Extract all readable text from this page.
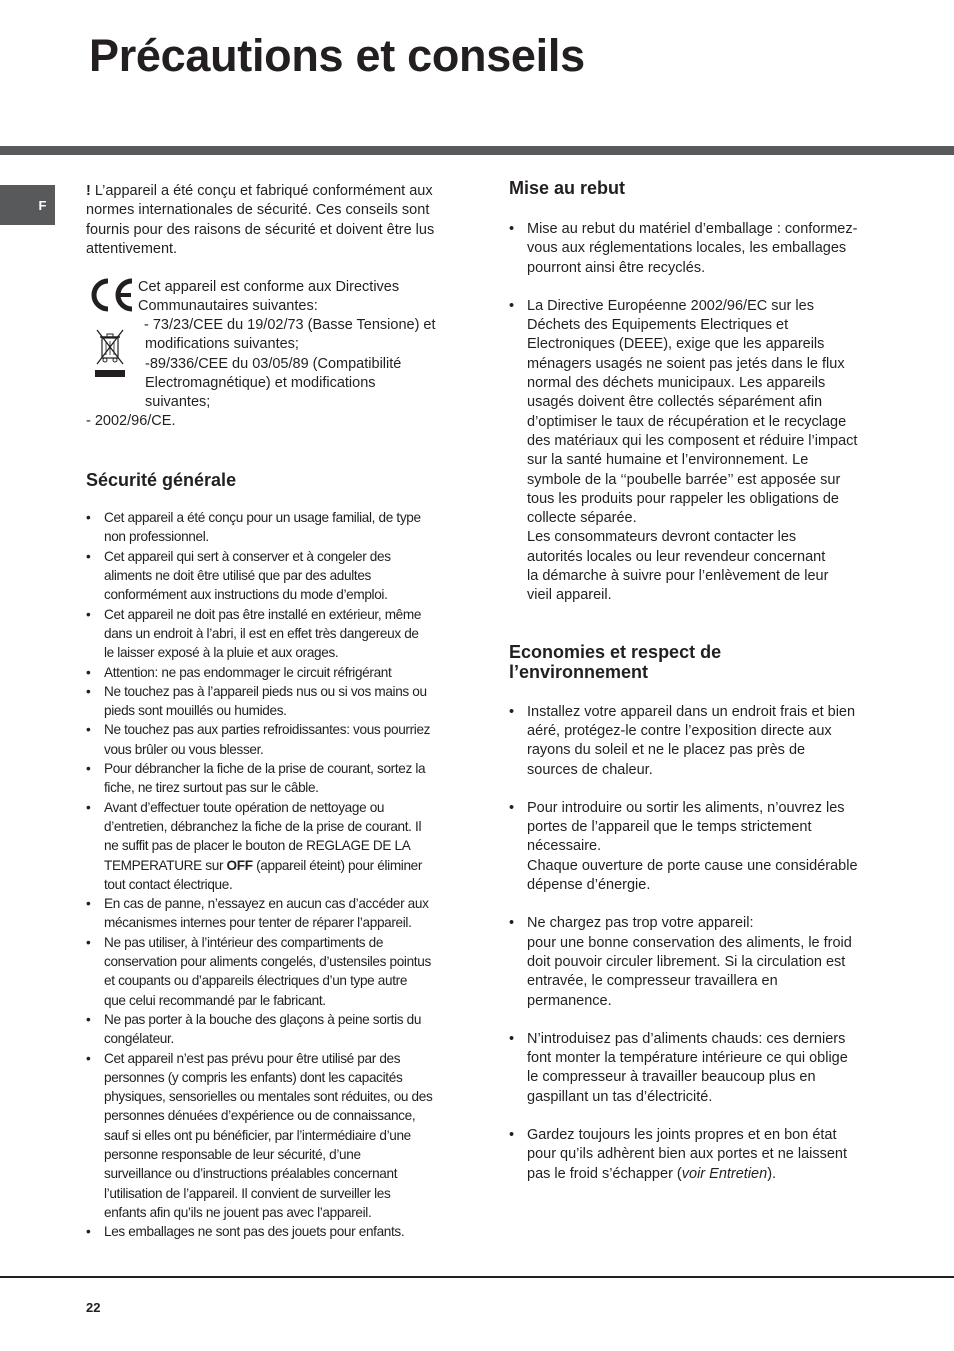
Précautions et conseils
F

! L’appareil a été conçu et fabriqué conformément aux
normes internationales de sécurité. Ces conseils sont
fournis pour des raisons de sécurité et doivent être lus
attentivement.

Cet appareil est conforme aux Directives
Communautaires suivantes:
- 73/23/CEE du 19/02/73 (Basse Tensione) et
modifications suivantes;
-89/336/CEE du 03/05/89 (Compatibilité
Electromagnétique) et modifications
suivantes;
- 2002/96/CE.
Sécurité générale
• Cet appareil a été conçu pour un usage familial, de type
non professionnel.
• Cet appareil qui sert à conserver et à congeler des
aliments ne doit être utilisé que par des adultes
conformément aux instructions du mode d’emploi.
• Cet appareil ne doit pas être installé en extérieur, même
dans un endroit à l’abri, il est en effet très dangereux de
le laisser exposé à la pluie et aux orages.
• Attention: ne pas endommager le circuit réfrigérant
• Ne touchez pas à l’appareil pieds nus ou si vos mains ou
pieds sont mouillés ou humides.
• Ne touchez pas aux parties refroidissantes: vous pourriez
vous brûler ou vous blesser.
• Pour débrancher la fiche de la prise de courant, sortez la
fiche, ne tirez surtout pas sur le câble.
• Avant d’effectuer toute opération de nettoyage ou
d’entretien, débranchez la fiche de la prise de courant. Il
ne suffit pas de placer le bouton de REGLAGE DE LA
TEMPERATURE sur OFF (appareil éteint) pour éliminer
tout contact électrique.
• En cas de panne, n’essayez en aucun cas d’accéder aux
mécanismes internes pour tenter de réparer l’appareil.
• Ne pas utiliser, à l’intérieur des compartiments de
conservation pour aliments congelés, d’ustensiles pointus
et coupants ou d’appareils électriques d’un type autre
que celui recommandé par le fabricant.
• Ne pas porter à la bouche des glaçons à peine sortis du
congélateur.
• Cet appareil n’est pas prévu pour être utilisé par des
personnes (y compris les enfants) dont les capacités
physiques, sensorielles ou mentales sont réduites, ou des
personnes dénuées d’expérience ou de connaissance,
sauf si elles ont pu bénéficier, par l’intermédiaire d’une
personne responsable de leur sécurité, d’une
surveillance ou d’instructions préalables concernant
l’utilisation de l’appareil. Il convient de surveiller les
enfants afin qu’ils ne jouent pas avec l’appareil.
• Les emballages ne sont pas des jouets pour enfants.
Mise au rebut
• Mise au rebut du matériel d’emballage : conformez-
vous aux réglementations locales, les emballages
pourront ainsi être recyclés.
• La Directive Européenne 2002/96/EC sur les
Déchets des Equipements Electriques et
Electroniques (DEEE), exige que les appareils
ménagers usagés ne soient pas jetés dans le flux
normal des déchets municipaux. Les appareils
usagés doivent être collectés séparément afin
d’optimiser le taux de récupération et le recyclage
des matériaux qui les composent et réduire l’impact
sur la santé humaine et l’environnement. Le
symbole de la ‘‘poubelle barrée’’ est apposée sur
tous les produits pour rappeler les obligations de
collecte séparée.
Les consommateurs devront contacter les
autorités locales ou leur revendeur concernant
la démarche à suivre pour l’enlèvement de leur
vieil appareil.
Economies et respect de
l’environnement
• Installez votre appareil dans un endroit frais et bien
aéré, protégez-le contre l’exposition directe aux
rayons du soleil et ne le placez pas près de
sources de chaleur.
• Pour introduire ou sortir les aliments, n’ouvrez les
portes de l’appareil que le temps strictement
nécessaire.
Chaque ouverture de porte cause une considérable
dépense d’énergie.
• Ne chargez pas trop votre appareil:
pour une bonne conservation des aliments, le froid
doit pouvoir circuler librement. Si la circulation est
entravée, le compresseur travaillera en
permanence.
• N’introduisez pas d’aliments chauds: ces derniers
font monter la température intérieure ce qui oblige
le compresseur à travailler beaucoup plus en
gaspillant un tas d’électricité.
• Gardez toujours les joints propres et en bon état
pour qu’ils adhèrent bien aux portes et ne laissent
pas le froid s’échapper (voir Entretien).
22
